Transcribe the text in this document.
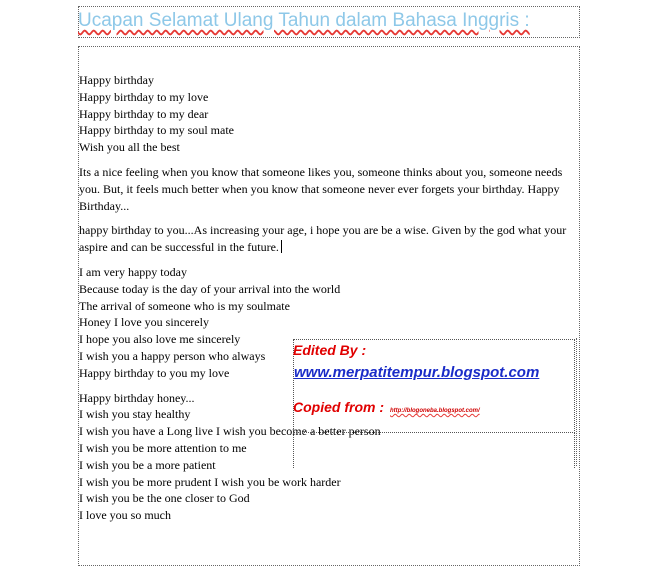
Ucapan Selamat Ulang Tahun dalam Bahasa Inggris :
Happy birthday
Happy birthday to my love
Happy birthday to my dear
Happy birthday to my soul mate
Wish you all the best
Its a nice feeling when you know that someone likes you, someone thinks about you, someone needs you. But, it feels much better when you know that someone never ever forgets your birthday. Happy Birthday...
happy birthday to you...As increasing your age, i hope you are be a wise. Given by the god what your aspire and can be successful in the future.
I am very happy today
Because today is the day of your arrival into the world
The arrival of someone who is my soulmate
Honey I love you sincerely
I hope you also love me sincerely
I wish you a happy person who always
Happy birthday to you my love
Happy birthday honey...
I wish you stay healthy
I wish you have a Long live I wish you become a better person
I wish you be more attention to me
I wish you be a more patient
I wish you be more prudent I wish you be work harder
I wish you be the one closer to God
I love you so much
Edited By :
www.merpatitempur.blogspot.com
Copied from : http://blogoneba.blogspot.com/
